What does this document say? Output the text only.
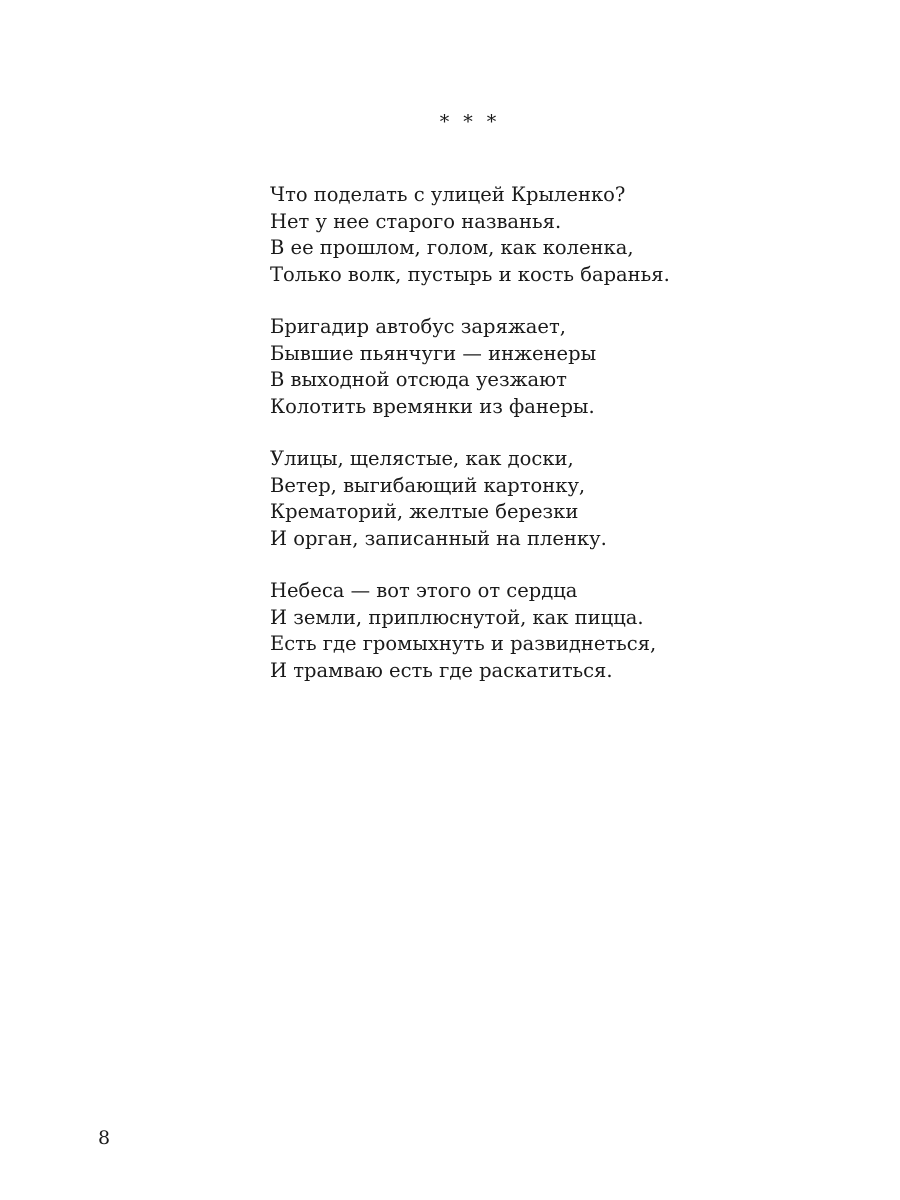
* * *
Что поделать с улицей Крыленко?
Нет у нее старого названья.
В ее прошлом, голом, как коленка,
Только волк, пустырь и кость баранья.
Бригадир автобус заряжает,
Бывшие пьянчуги — инженеры
В выходной отсюда уезжают
Колотить времянки из фанеры.
Улицы, щелястые, как доски,
Ветер, выгибающий картонку,
Крематорий, желтые березки
И орган, записанный на пленку.
Небеса — вот этого от сердца
И земли, приплюснутой, как пицца.
Есть где громыхнуть и развиднеться,
И трамваю есть где раскатиться.
8
